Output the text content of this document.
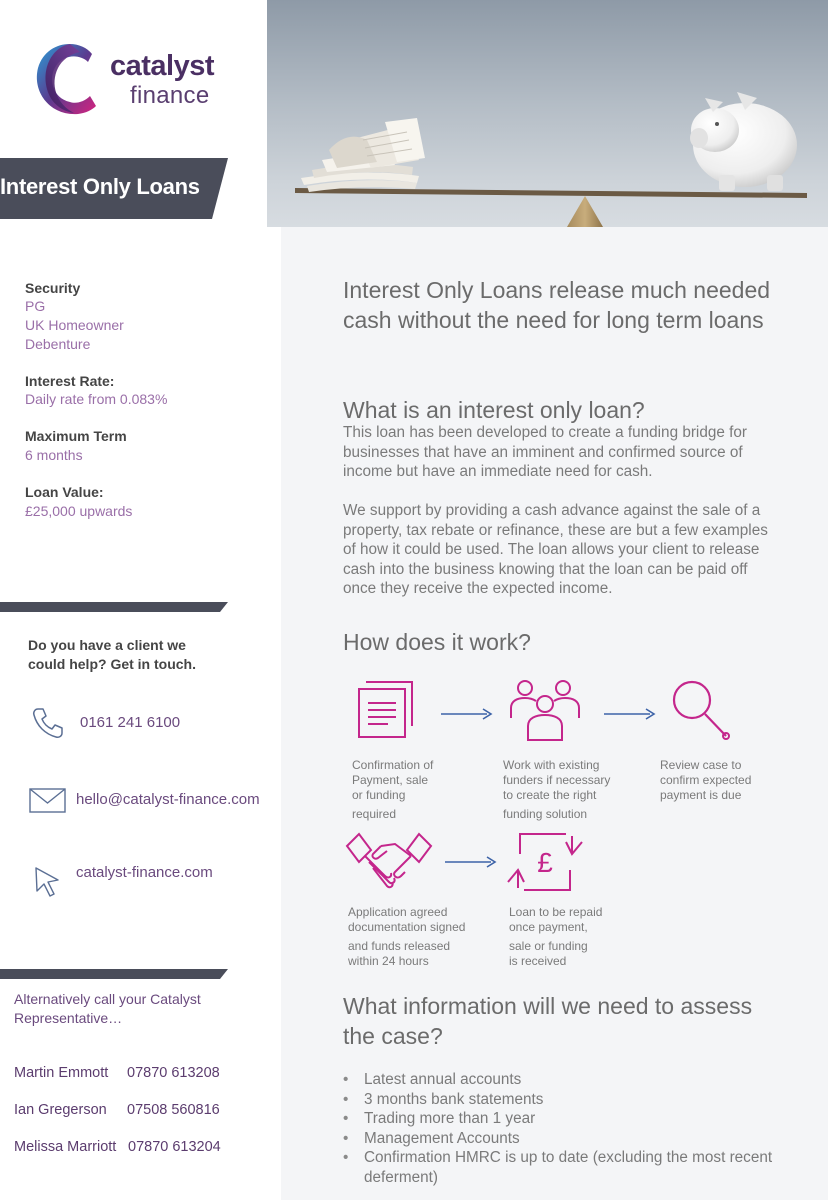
catalyst
finance
Interest Only Loans
Security
PG
UK Homeowner
Debenture
Interest Rate:
Daily rate from 0.083%
Maximum Term
6 months
Loan Value:
£25,000 upwards
Do you have a client we
could help? Get in touch.
0161 241 6100
hello@catalyst-finance.com
catalyst-finance.com
Alternatively call your Catalyst
Representative…
Martin Emmott 07870 613208
Ian Gregerson 07508 560816
Melissa Marriott 07870 613204
Interest Only Loans release much needed cash without the need for long term loans
What is an interest only loan?
This loan has been developed to create a funding bridge for businesses that have an imminent and confirmed source of income but have an immediate need for cash.
We support by providing a cash advance against the sale of a property, tax rebate or refinance, these are but a few examples of how it could be used. The loan allows your client to release cash into the business knowing that the loan can be paid off once they receive the expected income.
How does it work?
Confirmation of
Payment, sale
or funding
required
Work with existing
funders if necessary
to create the right
funding solution
Review case to
confirm expected
payment is due
Application agreed
documentation signed
and funds released
within 24 hours
£
Loan to be repaid
once payment,
sale or funding
is received
What information will we need to assess
the case?
• Latest annual accounts
• 3 months bank statements
• Trading more than 1 year
• Management Accounts
• Confirmation HMRC is up to date (excluding the most recent deferment)
